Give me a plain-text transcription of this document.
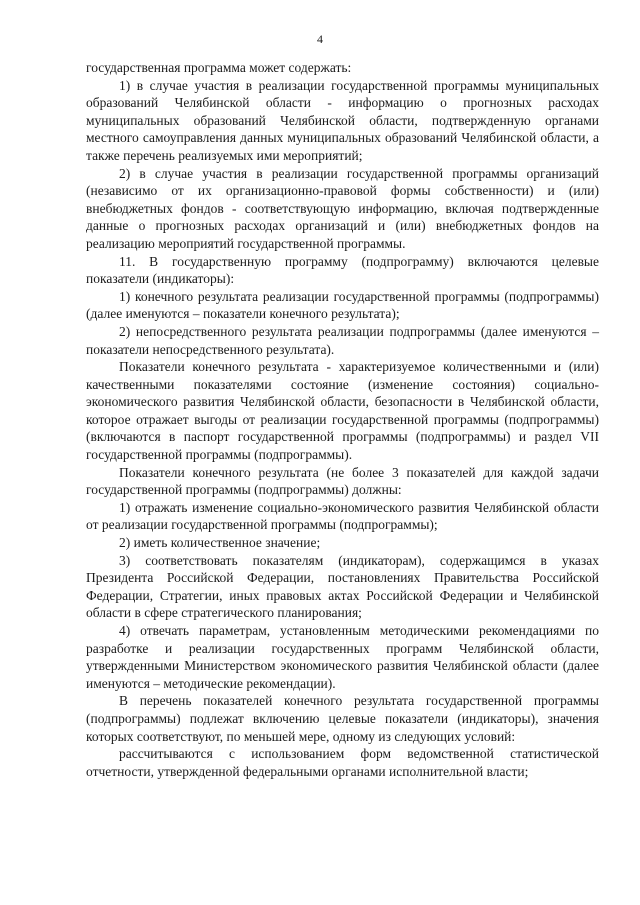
4

государственная программа может содержать:

1) в случае участия в реализации государственной программы муниципальных образований Челябинской области - информацию о прогнозных расходах муниципальных образований Челябинской области, подтвержденную органами местного самоуправления данных муниципальных образований Челябинской области, а также перечень реализуемых ими мероприятий;

2) в случае участия в реализации государственной программы организаций (независимо от их организационно-правовой формы собственности) и (или) внебюджетных фондов - соответствующую информацию, включая подтвержденные данные о прогнозных расходах организаций и (или) внебюджетных фондов на реализацию мероприятий государственной программы.

11. В государственную программу (подпрограмму) включаются целевые показатели (индикаторы):

1) конечного результата реализации государственной программы (подпрограммы) (далее именуются – показатели конечного результата);

2) непосредственного результата реализации подпрограммы (далее именуются – показатели непосредственного результата).

Показатели конечного результата - характеризуемое количественными и (или) качественными показателями состояние (изменение состояния) социально-экономического развития Челябинской области, безопасности в Челябинской области, которое отражает выгоды от реализации государственной программы (подпрограммы) (включаются в паспорт государственной программы (подпрограммы) и раздел VII государственной программы (подпрограммы).

Показатели конечного результата (не более 3 показателей для каждой задачи государственной программы (подпрограммы) должны:

1) отражать изменение социально-экономического развития Челябинской области от реализации государственной программы (подпрограммы);

2) иметь количественное значение;

3) соответствовать показателям (индикаторам), содержащимся в указах Президента Российской Федерации, постановлениях Правительства Российской Федерации, Стратегии, иных правовых актах Российской Федерации и Челябинской области в сфере стратегического планирования;

4) отвечать параметрам, установленным методическими рекомендациями по разработке и реализации государственных программ Челябинской области, утвержденными Министерством экономического развития Челябинской области (далее именуются – методические рекомендации).

В перечень показателей конечного результата государственной программы (подпрограммы) подлежат включению целевые показатели (индикаторы), значения которых соответствуют, по меньшей мере, одному из следующих условий:

рассчитываются с использованием форм ведомственной статистической отчетности, утвержденной федеральными органами исполнительной власти;
